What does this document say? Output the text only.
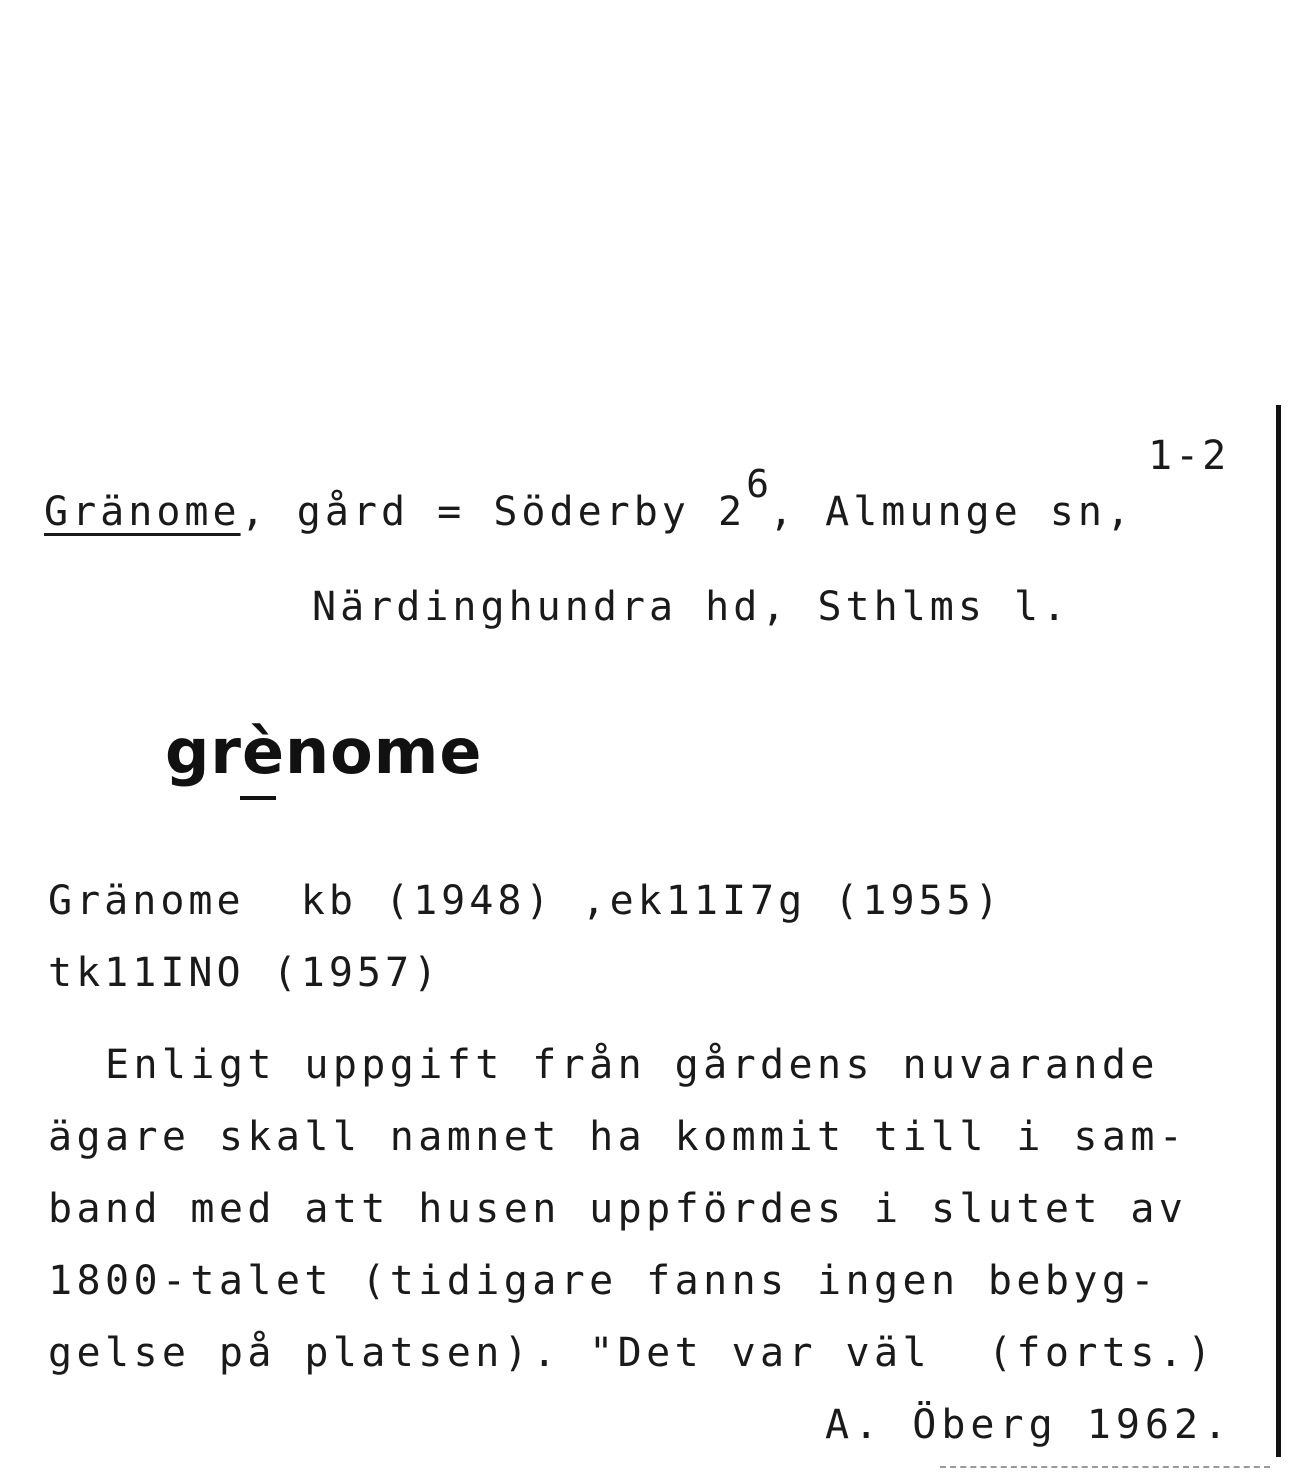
1-2
Gränome, gård = Söderby 26, Almunge sn,
Närdinghundra hd, Sthlms l.
grènome
Gränome  kb (1948) ,ek11I7g (1955)
tk11INO (1957)
Enligt uppgift från gårdens nuvarande
ägare skall namnet ha kommit till i sam-
band med att husen uppfördes i slutet av
1800-talet (tidigare fanns ingen bebyg-
gelse på platsen). "Det var väl  (forts.)
A. Öberg 1962.
